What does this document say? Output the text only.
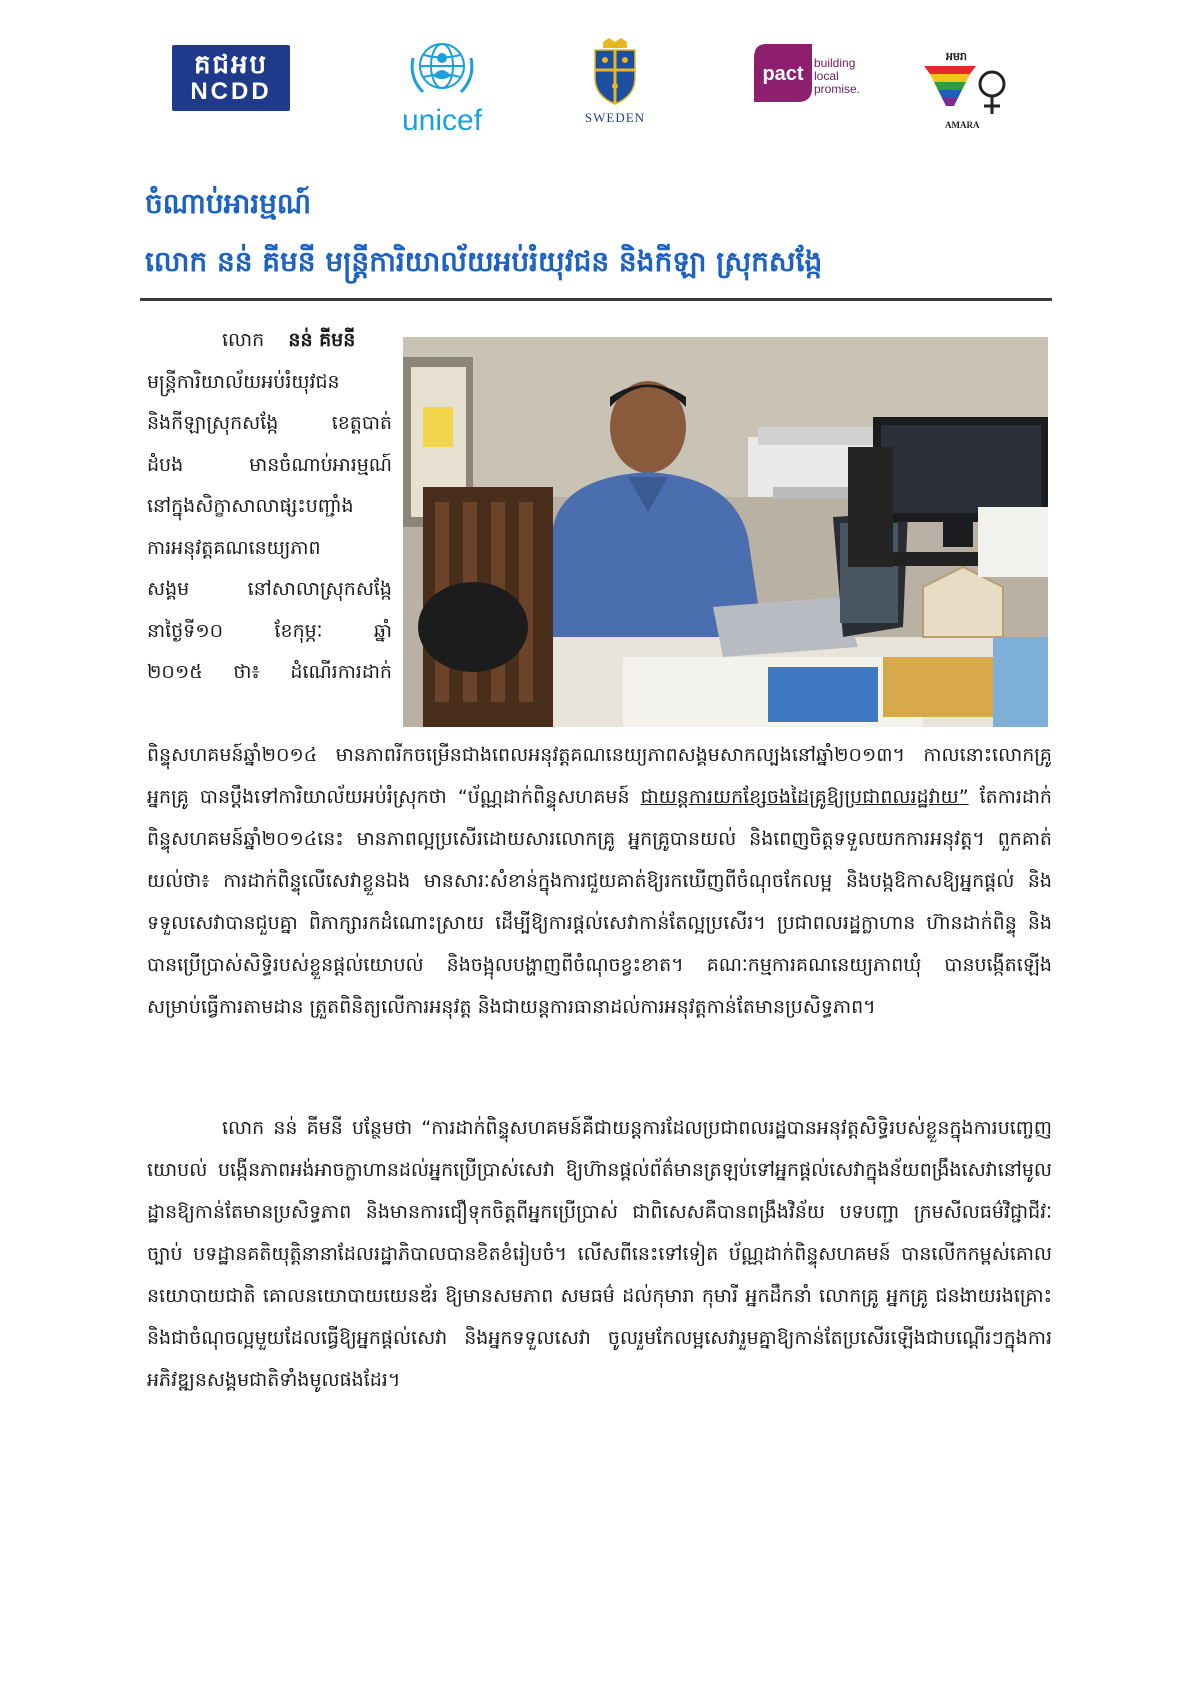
គជអប
NCDD
unicef	SWEDEN
pact building
local
promise.
អមរា
AMARA
ចំណាប់អារម្មណ៍
លោក នន់ គីមនី មន្ត្រីការិយាល័យអប់រំយុវជន និងកីឡា ស្រុកសង្កែ
លោក នន់ គីមនី
មន្ត្រីការិយាល័យអប់រំយុវជន
និងកីឡាស្រុកសង្កែ ខេត្តបាត់
ដំបង មានចំណាប់អារម្មណ៍
នៅក្នុងសិក្ខាសាលាផ្សះបញ្ជាំង
ការអនុវត្តគណនេយ្យភាព
សង្គម នៅសាលាស្រុកសង្កែ
នាថ្ងៃទី១០ ខែកុម្ភៈ ឆ្នាំ
២០១៥ ថា៖ ដំណើរការដាក់
ពិន្ទុសហគមន៍ឆ្នាំ២០១៤ មានភាពរីកចម្រើនជាងពេលអនុវត្តគណនេយ្យភាពសង្គមសាកល្បងនៅឆ្នាំ២០១៣។ កាលនោះលោកគ្រូ អ្នកគ្រូ បានប្តឹងទៅការិយាល័យអប់រំស្រុកថា “ប័ណ្ណដាក់ពិន្ទុសហគមន៍ ជាយន្តការយកខ្សែចងដៃគ្រូឱ្យប្រជាពលរដ្ឋវាយ” តែការដាក់ពិន្ទុសហគមន៍ឆ្នាំ២០១៤នេះ មានភាពល្អប្រសើរដោយសារលោកគ្រូ អ្នកគ្រូបានយល់ និងពេញចិត្តទទួលយកការអនុវត្ត។ ពួកគាត់យល់ថា៖ ការដាក់ពិន្ទុលើសេវាខ្លួនឯង មានសារៈសំខាន់ក្នុងការជួយគាត់ឱ្យរកឃើញពីចំណុចកែលម្អ និងបង្កឱកាសឱ្យអ្នកផ្តល់ និងទទួលសេវាបានជួបគ្នា ពិភាក្សារកដំណោះស្រាយ ដើម្បីឱ្យការផ្តល់សេវាកាន់តែល្អប្រសើរ។ ប្រជាពលរដ្ឋក្លាហាន ហ៊ានដាក់ពិន្ទុ និងបានប្រើប្រាស់សិទ្ធិរបស់ខ្លួនផ្តល់យោបល់ និងចង្អុលបង្ហាញពីចំណុចខ្វះខាត។ គណៈកម្មការគណនេយ្យភាពឃុំ បានបង្កើតឡើងសម្រាប់ធ្វើការតាមដាន ត្រួតពិនិត្យលើការអនុវត្ត និងជាយន្តការធានាដល់ការអនុវត្តកាន់តែមានប្រសិទ្ធភាព។
លោក នន់ គីមនី បន្ថែមថា “ការដាក់ពិន្ទុសហគមន៍គឺជាយន្តការដែលប្រជាពលរដ្ឋបានអនុវត្តសិទ្ធិរបស់ខ្លួនក្នុងការបញ្ចេញយោបល់ បង្កើនភាពអង់អាចក្លាហានដល់អ្នកប្រើប្រាស់សេវា ឱ្យហ៊ានផ្តល់ព័ត៌មានត្រឡប់ទៅអ្នកផ្តល់សេវាក្នុងន័យពង្រឹងសេវានៅមូលដ្ឋានឱ្យកាន់តែមានប្រសិទ្ធភាព និងមានការជឿទុកចិត្តពីអ្នកប្រើប្រាស់ ជាពិសេសគឺបានពង្រឹងវិន័យ បទបញ្ជា ក្រមសីលធម៌វិជ្ជាជីវៈ ច្បាប់ បទដ្ឋានគតិយុត្តិនានាដែលរដ្ឋាភិបាលបានខិតខំរៀបចំ។ លើសពីនេះទៅទៀត ប័ណ្ណដាក់ពិន្ទុសហគមន៍ បានលើកកម្ពស់គោលនយោបាយជាតិ គោលនយោបាយយេនឌ័រ ឱ្យមានសមភាព សមធម៌ ដល់កុមារា កុមារី អ្នកដឹកនាំ លោកគ្រូ អ្នកគ្រូ ជនងាយរងគ្រោះ និងជាចំណុចល្អមួយដែលធ្វើឱ្យអ្នកផ្តល់សេវា និងអ្នកទទួលសេវា ចូលរួមកែលម្អសេវារួមគ្នាឱ្យកាន់តែប្រសើរឡើងជាបណ្តើរៗក្នុងការអភិវឌ្ឍនសង្គមជាតិទាំងមូលផងដែរ។
